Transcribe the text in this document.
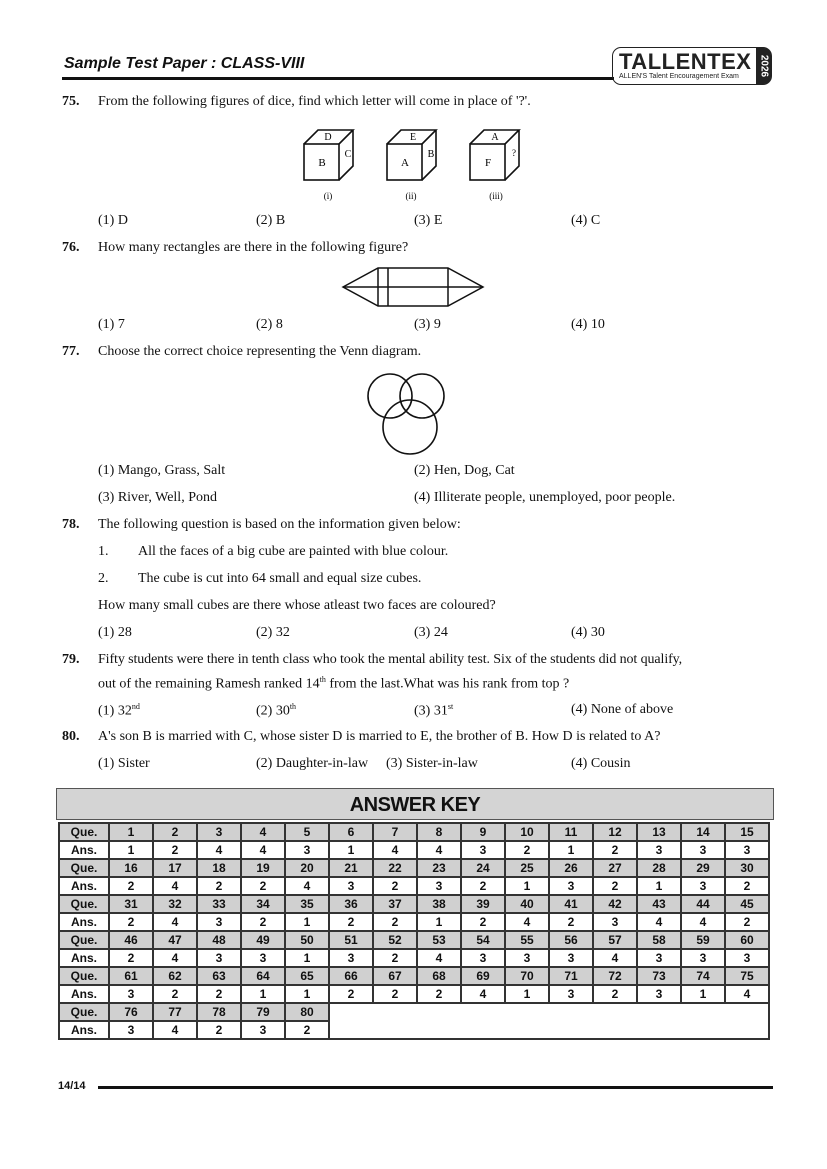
Sample Test Paper : CLASS-VIII	TALLENTEX
ALLEN'S Talent Encouragement Exam 2026
75. From the following figures of dice, find which letter will come in place of '?'.
D
B
C
(i)
E
A
B
(ii)
A
F
?
(iii)
(1) D	(2) B	(3) E	(4) C
76. How many rectangles are there in the following figure?
(1) 7	(2) 8	(3) 9	(4) 10
77. Choose the correct choice representing the Venn diagram.
(1) Mango, Grass, Salt	(2) Hen, Dog, Cat
(3) River, Well, Pond	(4) Illiterate people, unemployed, poor people.
78. The following question is based on the information given below:
1. All the faces of a big cube are painted with blue colour.
2. The cube is cut into 64 small and equal size cubes.
How many small cubes are there whose atleast two faces are coloured?
(1) 28	(2) 32	(3) 24	(4) 30
79. Fifty students were there in tenth class who took the mental ability test. Six of the students did not qualify,
out of the remaining Ramesh ranked 14th from the last.What was his rank from top ?
(1) 32nd	(2) 30th	(3) 31st	(4) None of above
80. A's son B is married with C, whose sister D is married to E, the brother of B. How D is related to A?
(1) Sister	(2) Daughter-in-law (3) Sister-in-law	(4) Cousin
ANSWER KEY
Que.	1	2	3	4	5	6	7	8	9	10	11	12	13	14	15
Ans.	1	2	4	4	3	1	4	4	3	2	1	2	3	3	3
Que.	16	17	18	19	20	21	22	23	24	25	26	27	28	29	30
Ans.	2	4	2	2	4	3	2	3	2	1	3	2	1	3	2
Que.	31	32	33	34	35	36	37	38	39	40	41	42	43	44	45
Ans.	2	4	3	2	1	2	2	1	2	4	2	3	4	4	2
Que.	46	47	48	49	50	51	52	53	54	55	56	57	58	59	60
Ans.	2	4	3	3	1	3	2	4	3	3	3	4	3	3	3
Que.	61	62	63	64	65	66	67	68	69	70	71	72	73	74	75
Ans.	3	2	2	1	1	2	2	2	4	1	3	2	3	1	4
Que.	76	77	78	79	80										
Ans.	3	4	2	3	2										
14/14
